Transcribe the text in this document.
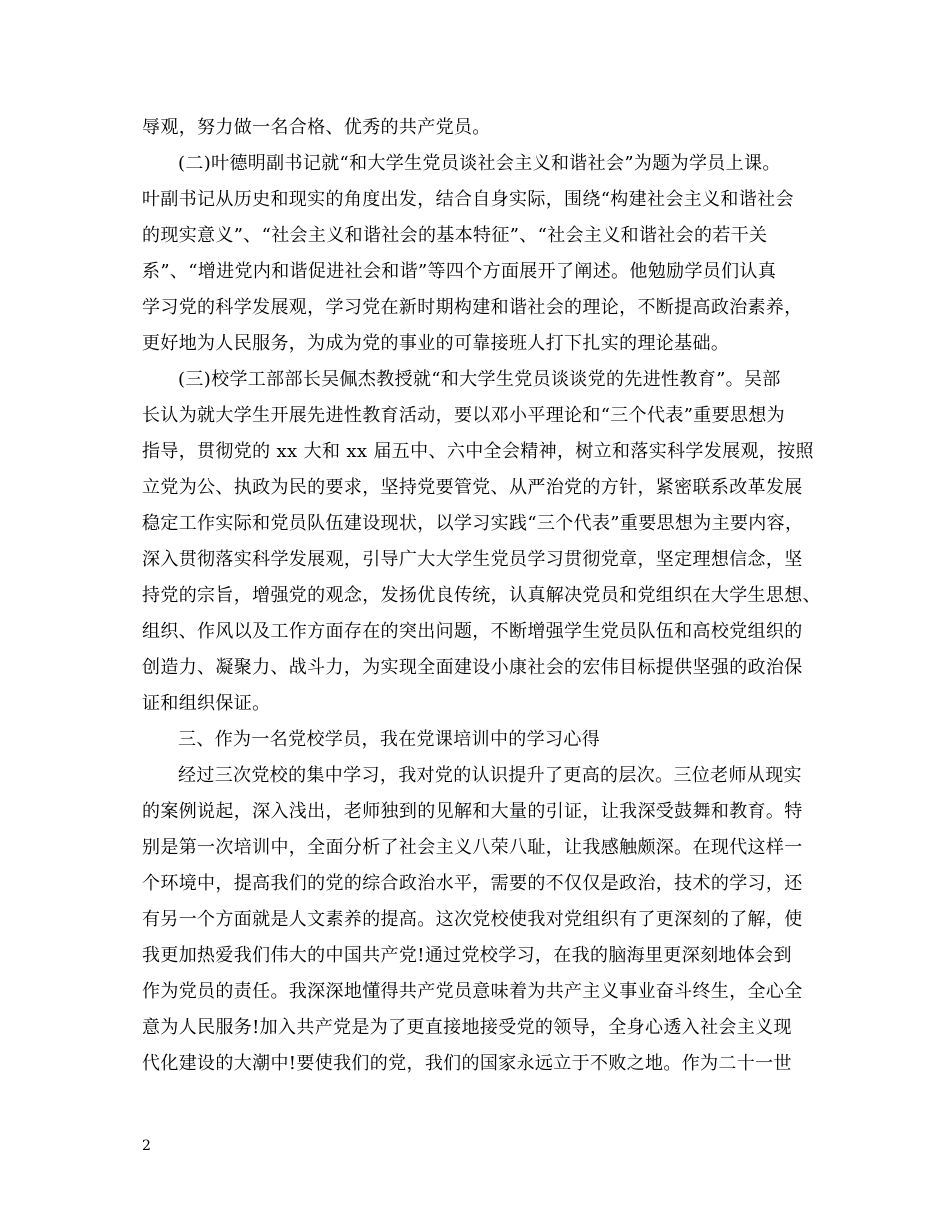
辱观，努力做一名合格、优秀的共产党员。
(二)叶德明副书记就“和大学生党员谈社会主义和谐社会”为题为学员上课。
叶副书记从历史和现实的角度出发，结合自身实际，围绕“构建社会主义和谐社会
的现实意义”、“社会主义和谐社会的基本特征”、“社会主义和谐社会的若干关
系”、“增进党内和谐促进社会和谐”等四个方面展开了阐述。他勉励学员们认真
学习党的科学发展观，学习党在新时期构建和谐社会的理论，不断提高政治素养，
更好地为人民服务，为成为党的事业的可靠接班人打下扎实的理论基础。
(三)校学工部部长吴佩杰教授就“和大学生党员谈谈党的先进性教育”。吴部
长认为就大学生开展先进性教育活动，要以邓小平理论和“三个代表”重要思想为
指导，贯彻党的 xx 大和 xx 届五中、六中全会精神，树立和落实科学发展观，按照
立党为公、执政为民的要求，坚持党要管党、从严治党的方针，紧密联系改革发展
稳定工作实际和党员队伍建设现状，以学习实践“三个代表”重要思想为主要内容，
深入贯彻落实科学发展观，引导广大大学生党员学习贯彻党章，坚定理想信念，坚
持党的宗旨，增强党的观念，发扬优良传统，认真解决党员和党组织在大学生思想、
组织、作风以及工作方面存在的突出问题，不断增强学生党员队伍和高校党组织的
创造力、凝聚力、战斗力，为实现全面建设小康社会的宏伟目标提供坚强的政治保
证和组织保证。
三、作为一名党校学员，我在党课培训中的学习心得
经过三次党校的集中学习，我对党的认识提升了更高的层次。三位老师从现实
的案例说起，深入浅出，老师独到的见解和大量的引证，让我深受鼓舞和教育。特
别是第一次培训中，全面分析了社会主义八荣八耻，让我感触颇深。在现代这样一
个环境中，提高我们的党的综合政治水平，需要的不仅仅是政治，技术的学习，还
有另一个方面就是人文素养的提高。这次党校使我对党组织有了更深刻的了解，使
我更加热爱我们伟大的中国共产党!通过党校学习，在我的脑海里更深刻地体会到
作为党员的责任。我深深地懂得共产党员意味着为共产主义事业奋斗终生，全心全
意为人民服务!加入共产党是为了更直接地接受党的领导，全身心透入社会主义现
代化建设的大潮中!要使我们的党，我们的国家永远立于不败之地。作为二十一世
2
